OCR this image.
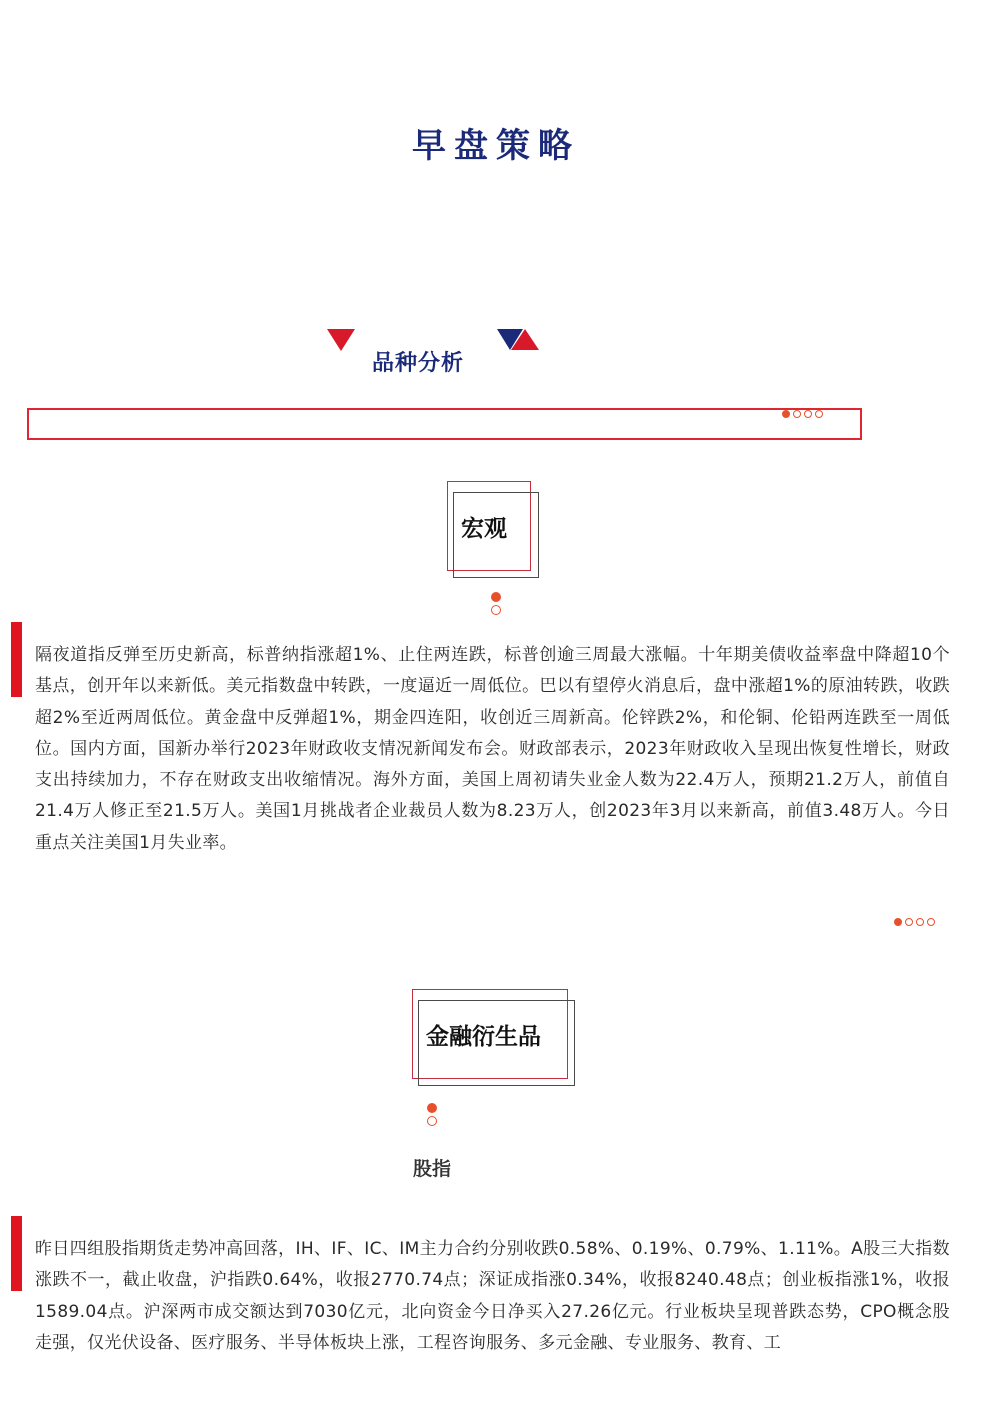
早盘策略
品种分析
宏观
隔夜道指反弹至历史新高，标普纳指涨超1%、止住两连跌，标普创逾三周最大涨幅。十年期美债收益率盘中降超10个基点，创开年以来新低。美元指数盘中转跌，一度逼近一周低位。巴以有望停火消息后，盘中涨超1%的原油转跌，收跌超2%至近两周低位。黄金盘中反弹超1%，期金四连阳，收创近三周新高。伦锌跌2%，和伦铜、伦铅两连跌至一周低位。国内方面，国新办举行2023年财政收支情况新闻发布会。财政部表示，2023年财政收入呈现出恢复性增长，财政支出持续加力，不存在财政支出收缩情况。海外方面，美国上周初请失业金人数为22.4万人，预期21.2万人，前值自21.4万人修正至21.5万人。美国1月挑战者企业裁员人数为8.23万人，创2023年3月以来新高，前值3.48万人。今日重点关注美国1月失业率。
金融衍生品
股指
昨日四组股指期货走势冲高回落，IH、IF、IC、IM主力合约分别收跌0.58%、0.19%、0.79%、1.11%。A股三大指数涨跌不一，截止收盘，沪指跌0.64%，收报2770.74点；深证成指涨0.34%，收报8240.48点；创业板指涨1%，收报1589.04点。沪深两市成交额达到7030亿元，北向资金今日净买入27.26亿元。行业板块呈现普跌态势，CPO概念股走强，仅光伏设备、医疗服务、半导体板块上涨，工程咨询服务、多元金融、专业服务、教育、工
